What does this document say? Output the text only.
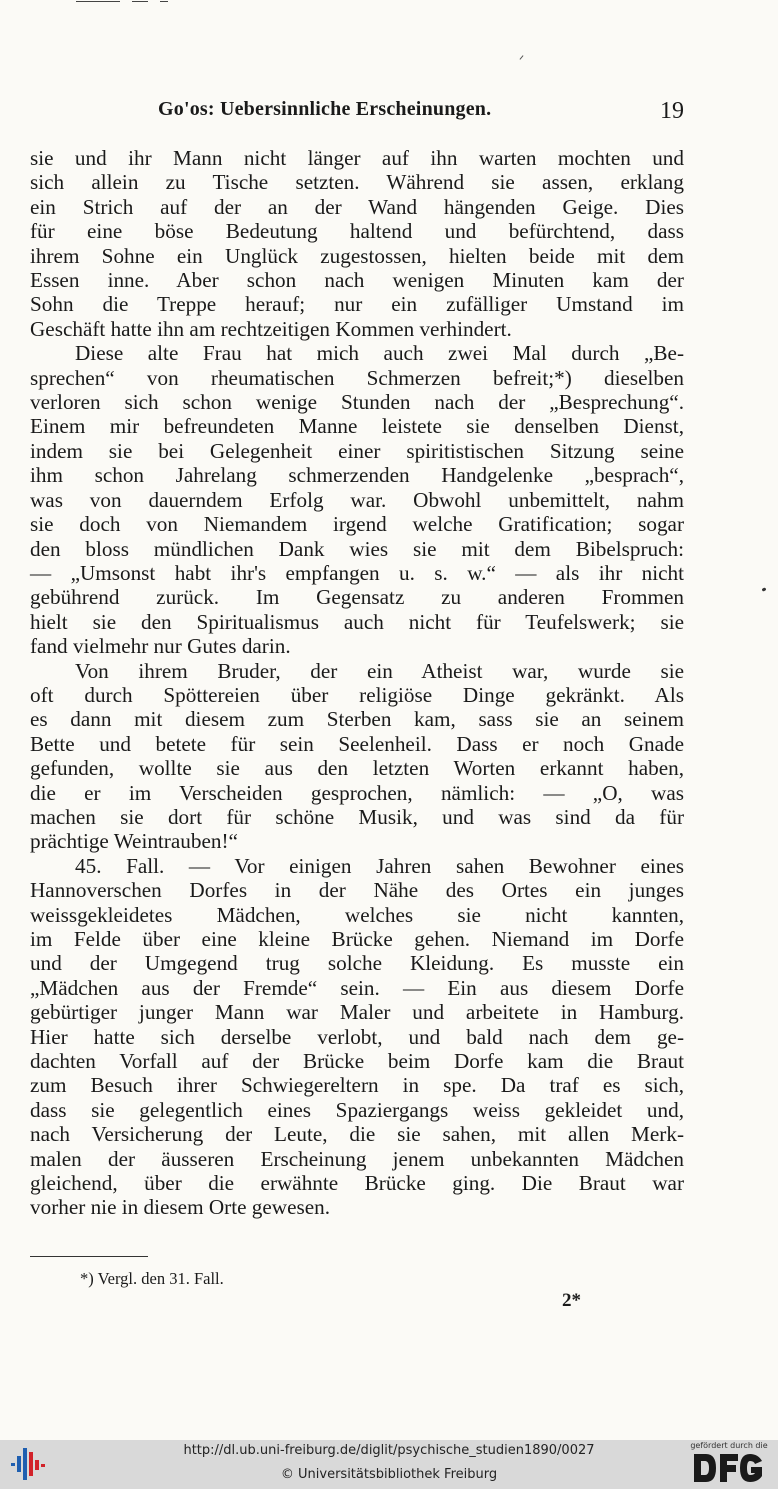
Go'os: Uebersinnliche Erscheinungen.	19
sie und ihr Mann nicht länger auf ihn warten mochten und
sich allein zu Tische setzten. Während sie assen, erklang
ein Strich auf der an der Wand hängenden Geige. Dies
für eine böse Bedeutung haltend und befürchtend, dass
ihrem Sohne ein Unglück zugestossen, hielten beide mit dem
Essen inne. Aber schon nach wenigen Minuten kam der
Sohn die Treppe herauf; nur ein zufälliger Umstand im
Geschäft hatte ihn am rechtzeitigen Kommen verhindert.
Diese alte Frau hat mich auch zwei Mal durch „Be-
sprechen“ von rheumatischen Schmerzen befreit;*) dieselben
verloren sich schon wenige Stunden nach der „Besprechung“.
Einem mir befreundeten Manne leistete sie denselben Dienst,
indem sie bei Gelegenheit einer spiritistischen Sitzung seine
ihm schon Jahrelang schmerzenden Handgelenke „besprach“,
was von dauerndem Erfolg war. Obwohl unbemittelt, nahm
sie doch von Niemandem irgend welche Gratification; sogar
den bloss mündlichen Dank wies sie mit dem Bibelspruch:
— „Umsonst habt ihr's empfangen u. s. w.“ — als ihr nicht
gebührend zurück. Im Gegensatz zu anderen Frommen
hielt sie den Spiritualismus auch nicht für Teufelswerk; sie
fand vielmehr nur Gutes darin.
Von ihrem Bruder, der ein Atheist war, wurde sie
oft durch Spöttereien über religiöse Dinge gekränkt. Als
es dann mit diesem zum Sterben kam, sass sie an seinem
Bette und betete für sein Seelenheil. Dass er noch Gnade
gefunden, wollte sie aus den letzten Worten erkannt haben,
die er im Verscheiden gesprochen, nämlich: — „O, was
machen sie dort für schöne Musik, und was sind da für
prächtige Weintrauben!“
45. Fall. — Vor einigen Jahren sahen Bewohner eines
Hannoverschen Dorfes in der Nähe des Ortes ein junges
weissgekleidetes Mädchen, welches sie nicht kannten,
im Felde über eine kleine Brücke gehen. Niemand im Dorfe
und der Umgegend trug solche Kleidung. Es musste ein
„Mädchen aus der Fremde“ sein. — Ein aus diesem Dorfe
gebürtiger junger Mann war Maler und arbeitete in Hamburg.
Hier hatte sich derselbe verlobt, und bald nach dem ge-
dachten Vorfall auf der Brücke beim Dorfe kam die Braut
zum Besuch ihrer Schwiegereltern in spe. Da traf es sich,
dass sie gelegentlich eines Spaziergangs weiss gekleidet und,
nach Versicherung der Leute, die sie sahen, mit allen Merk-
malen der äusseren Erscheinung jenem unbekannten Mädchen
gleichend, über die erwähnte Brücke ging. Die Braut war
vorher nie in diesem Orte gewesen.
*) Vergl. den 31. Fall.
2*
http://dl.ub.uni-freiburg.de/diglit/psychische_studien1890/0027
© Universitätsbibliothek Freiburg
gefördert durch die
